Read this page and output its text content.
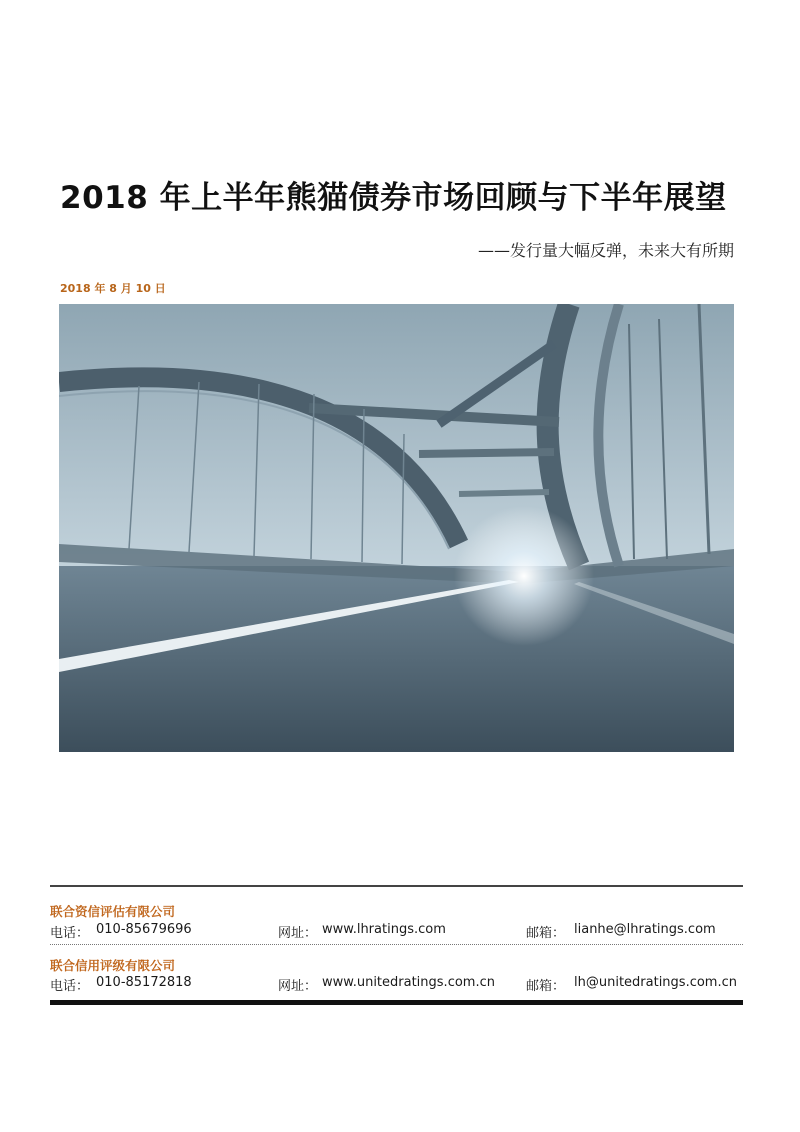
2018 年上半年熊猫债券市场回顾与下半年展望
——发行量大幅反弹，未来大有所期
2018 年 8 月 10 日
联合资信评估有限公司
电话： 010-85679696	网址： www.lhratings.com	邮箱： lianhe@lhratings.com
联合信用评级有限公司
电话： 010-85172818	网址： www.unitedratings.com.cn 邮箱： lh@unitedratings.com.cn
